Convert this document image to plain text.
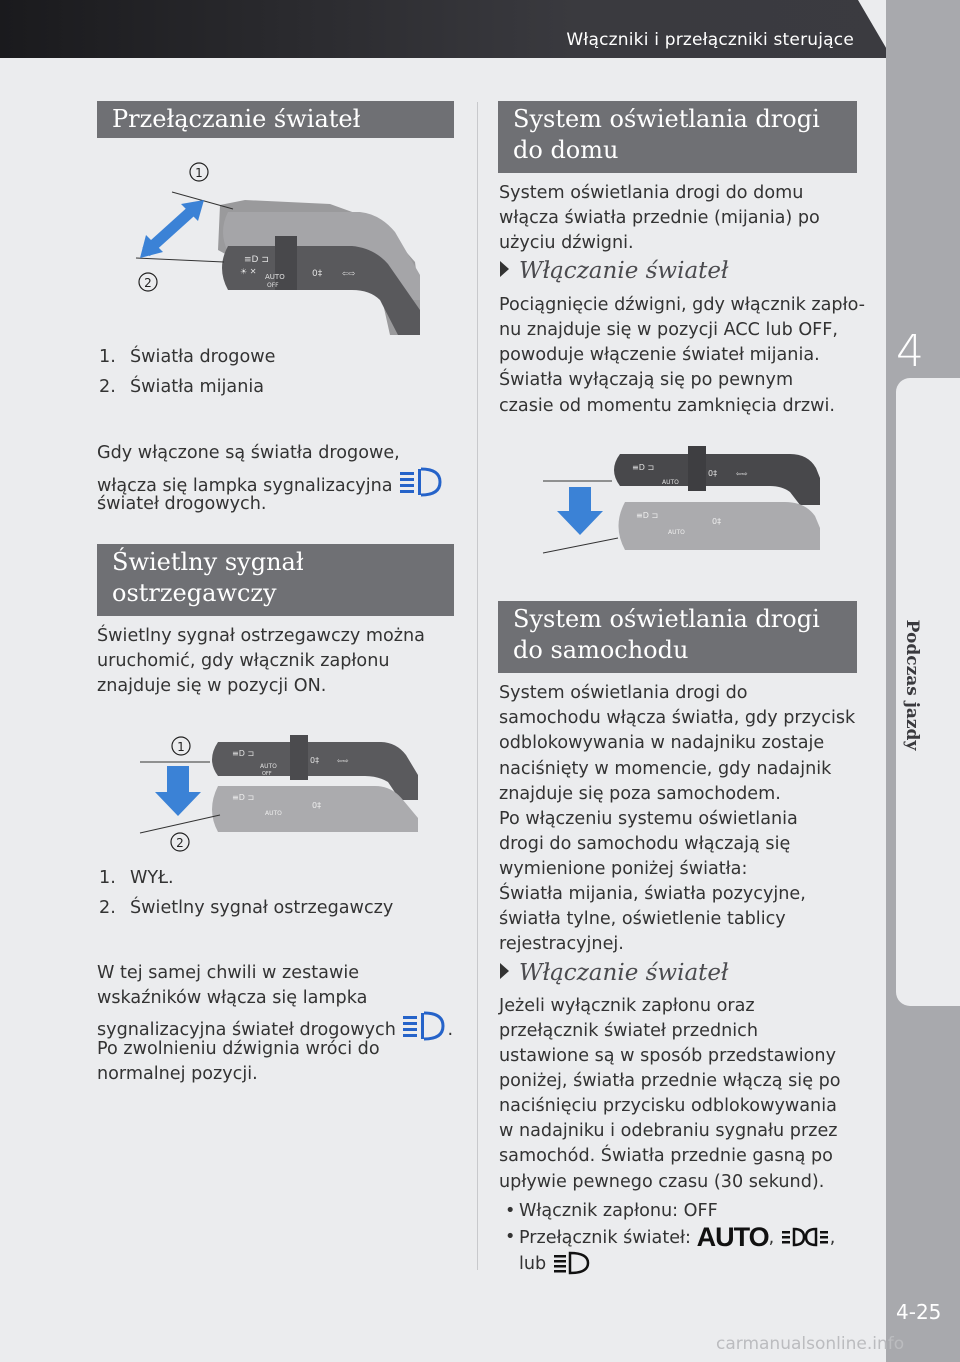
Włączniki i przełączniki sterujące
4
Podczas jazdy
4-25
carmanualsonline.info
Przełączanie świateł
≡D ⊐
☀ ✕
AUTO
OFF
0‡ ⇦⇨
1
2
1. Światła drogowe
2. Światła mijania

Gdy włączone są światła drogowe,

włącza się lampka sygnalizacyjna

świateł drogowych.

Świetlny sygnał
ostrzegawczy

Świetlny sygnał ostrzegawczy można

uruchomić, gdy włącznik zapłonu

znajduje się w pozycji ON.

≡D ⊐
AUTO
OFF
0‡	⇦⇨
≡D ⊐
AUTO
0‡
1
2
1. WYŁ.
2. Świetlny sygnał ostrzegawczy

W tej samej chwili w zestawie

wskaźników włącza się lampka

sygnalizacyjna świateł drogowych	.

Po zwolnieniu dźwignia wróci do

normalnej pozycji.

System oświetlania drogi
do domu

System oświetlania drogi do domu

włącza światła przednie (mijania) po

użyciu dźwigni.

Włączanie świateł

Pociągnięcie dźwigni, gdy włącznik zapło-

nu znajduje się w pozycji ACC lub OFF,

powoduje włączenie świateł mijania.

Światła wyłączają się po pewnym

czasie od momentu zamknięcia drzwi.

≡D ⊐
AUTO
0‡	⇦⇨
≡D ⊐
AUTO
0‡
System oświetlania drogi
do samochodu

System oświetlania drogi do

samochodu włącza światła, gdy przycisk

odblokowywania w nadajniku zostaje

naciśnięty w momencie, gdy nadajnik

znajduje się poza samochodem.

Po włączeniu systemu oświetlania

drogi do samochodu włączają się

wymienione poniżej światła:

Światła mijania, światła pozycyjne,

światła tylne, oświetlenie tablicy

rejestracyjnej.

Włączanie świateł

Jeżeli wyłącznik zapłonu oraz

przełącznik świateł przednich

ustawione są w sposób przedstawiony

poniżej, światła przednie włączą się po

naciśnięciu przycisku odblokowywania

w nadajniku i odebraniu sygnału przez

samochód. Światła przednie gasną po

upływie pewnego czasu (30 sekund).

• Włącznik zapłonu: OFF
• Przełącznik świateł: AUTO,	,
lub
